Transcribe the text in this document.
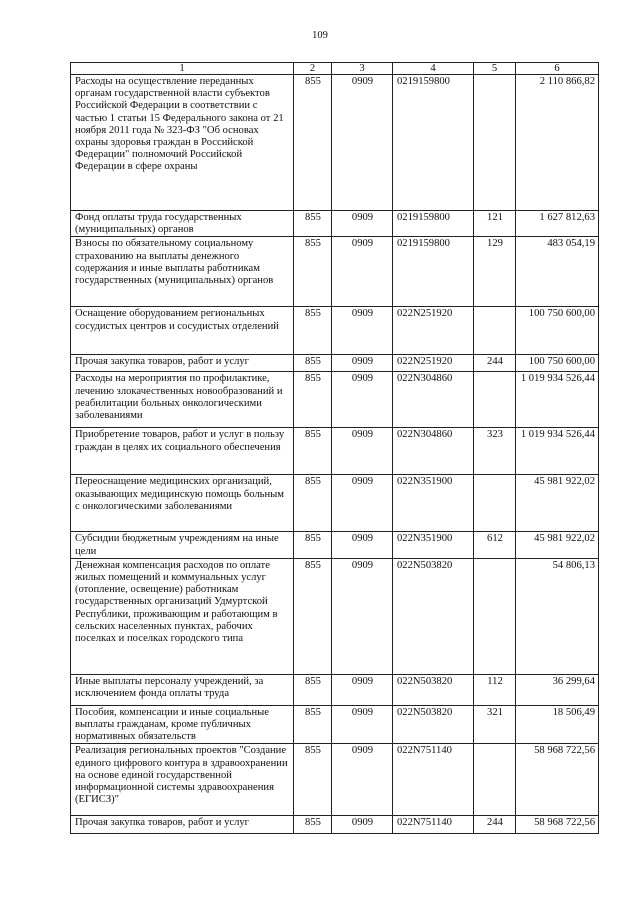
109
1	2	3	4	5	6
Расходы на осуществление переданных органам государственной власти субъектов Российской Федерации в соответствии с частью 1 статьи 15 Федерального закона от 21 ноября 2011 года № 323-ФЗ "Об основах охраны здоровья граждан в Российской Федерации" полномочий Российской Федерации в сфере охраны	855	0909	0219159800		2 110 866,82
Фонд оплаты труда государственных (муниципальных) органов	855	0909	0219159800	121	1 627 812,63
Взносы по обязательному социальному страхованию на выплаты денежного содержания и иные выплаты работникам государственных (муниципальных) органов	855	0909	0219159800	129	483 054,19
Оснащение оборудованием региональных сосудистых центров и сосудистых отделений	855	0909	022N251920		100 750 600,00
Прочая закупка товаров, работ и услуг	855	0909	022N251920	244	100 750 600,00
Расходы на мероприятия по профилактике, лечению злокачественных новообразований и реабилитации больных онкологическими заболеваниями	855	0909	022N304860		1 019 934 526,44
Приобретение товаров, работ и услуг в пользу граждан в целях их социального обеспечения	855	0909	022N304860	323	1 019 934 526,44
Переоснащение медицинских организаций, оказывающих медицинскую помощь больным с онкологическими заболеваниями	855	0909	022N351900		45 981 922,02
Субсидии бюджетным учреждениям на иные цели	855	0909	022N351900	612	45 981 922,02
Денежная компенсация расходов по оплате жилых помещений и коммунальных услуг (отопление, освещение) работникам государственных организаций Удмуртской Республики, проживающим и работающим в сельских населенных пунктах, рабочих поселках и поселках городского типа	855	0909	022N503820		54 806,13
Иные выплаты персоналу учреждений, за исключением фонда оплаты труда	855	0909	022N503820	112	36 299,64
Пособия, компенсации и иные социальные выплаты гражданам, кроме публичных нормативных обязательств	855	0909	022N503820	321	18 506,49
Реализация региональных проектов "Создание единого цифрового контура в здравоохранении на основе единой государственной информационной системы здравоохранения (ЕГИСЗ)"	855	0909	022N751140		58 968 722,56
Прочая закупка товаров, работ и услуг	855	0909	022N751140	244	58 968 722,56
